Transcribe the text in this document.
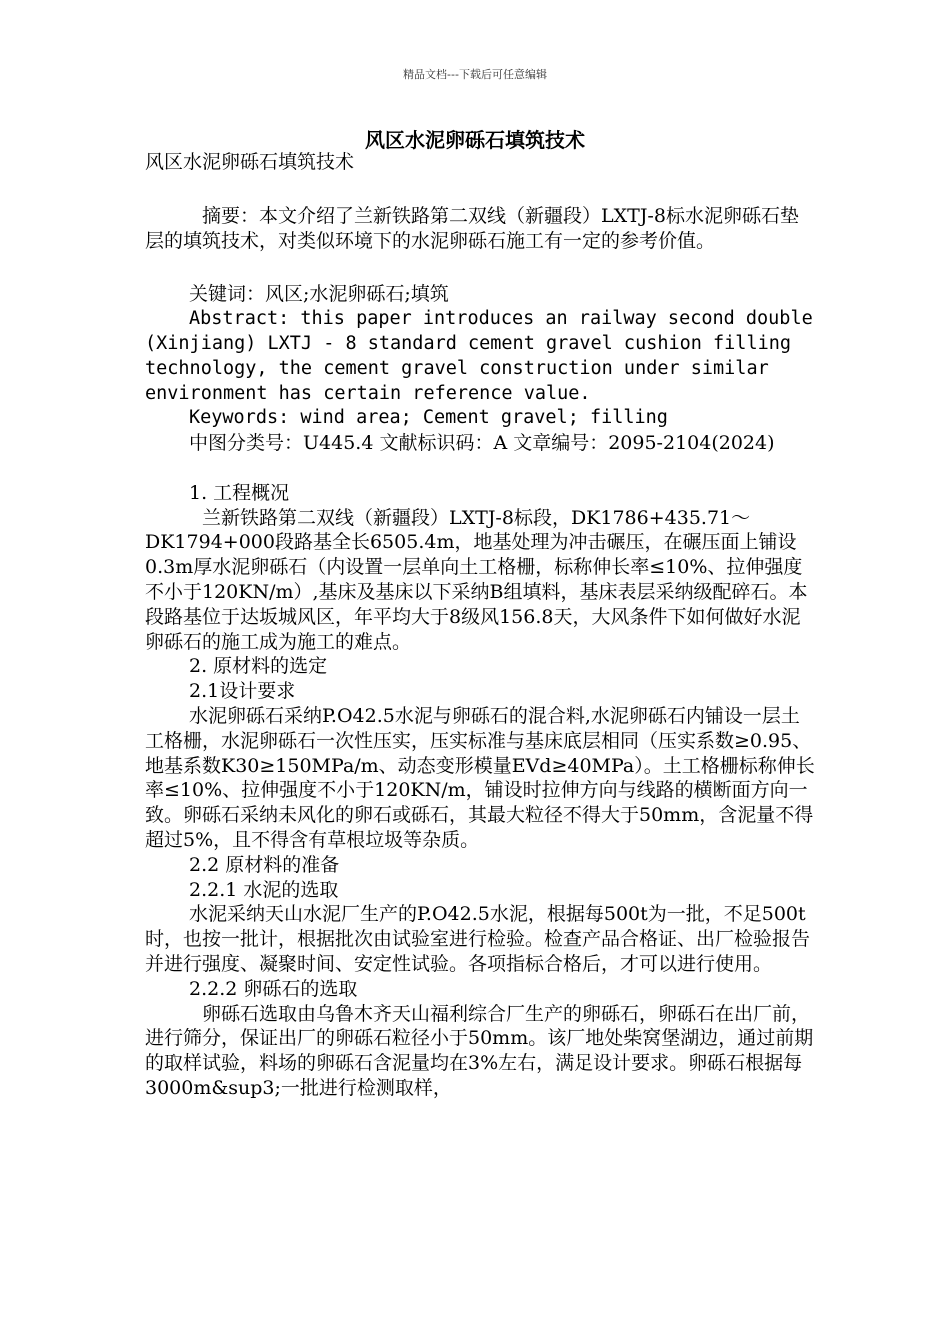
精品文档---下载后可任意编辑
风区水泥卵砾石填筑技术

风区水泥卵砾石填筑技术

摘要：本文介绍了兰新铁路第二双线（新疆段）LXTJ-8标水泥卵砾石垫层的填筑技术，对类似环境下的水泥卵砾石施工有一定的参考价值。

关键词：风区;水泥卵砾石;填筑

Abstract: this paper introduces an railway second double (Xinjiang) LXTJ - 8 standard cement gravel cushion filling technology, the cement gravel construction under similar environment has certain reference value.

Keywords: wind area; Cement gravel; filling

中图分类号：U445.4 文献标识码：A 文章编号：2095-2104(2024)

1. 工程概况

兰新铁路第二双线（新疆段）LXTJ-8标段，DK1786+435.71～DK1794+000段路基全长6505.4m，地基处理为冲击碾压，在碾压面上铺设0.3m厚水泥卵砾石（内设置一层单向土工格栅，标称伸长率≤10%、拉伸强度不小于120KN/m）,基床及基床以下采纳B组填料，基床表层采纳级配碎石。本段路基位于达坂城风区，年平均大于8级风156.8天，大风条件下如何做好水泥卵砾石的施工成为施工的难点。

2. 原材料的选定

2.1设计要求

水泥卵砾石采纳P.O42.5水泥与卵砾石的混合料,水泥卵砾石内铺设一层土工格栅，水泥卵砾石一次性压实，压实标准与基床底层相同（压实系数≥0.95、地基系数K30≥150MPa/m、动态变形模量EVd≥40MPa）。土工格栅标称伸长率≤10%、拉伸强度不小于120KN/m，铺设时拉伸方向与线路的横断面方向一致。卵砾石采纳未风化的卵石或砾石，其最大粒径不得大于50mm，含泥量不得超过5%，且不得含有草根垃圾等杂质。

2.2 原材料的准备

2.2.1 水泥的选取

水泥采纳天山水泥厂生产的P.O42.5水泥，根据每500t为一批，不足500t时，也按一批计，根据批次由试验室进行检验。检查产品合格证、出厂检验报告并进行强度、凝聚时间、安定性试验。各项指标合格后，才可以进行使用。

2.2.2 卵砾石的选取

卵砾石选取由乌鲁木齐天山福利综合厂生产的卵砾石，卵砾石在出厂前，进行筛分，保证出厂的卵砾石粒径小于50mm。该厂地处柴窝堡湖边，通过前期的取样试验，料场的卵砾石含泥量均在3%左右，满足设计要求。卵砾石根据每3000m&sup3;一批进行检测取样，
